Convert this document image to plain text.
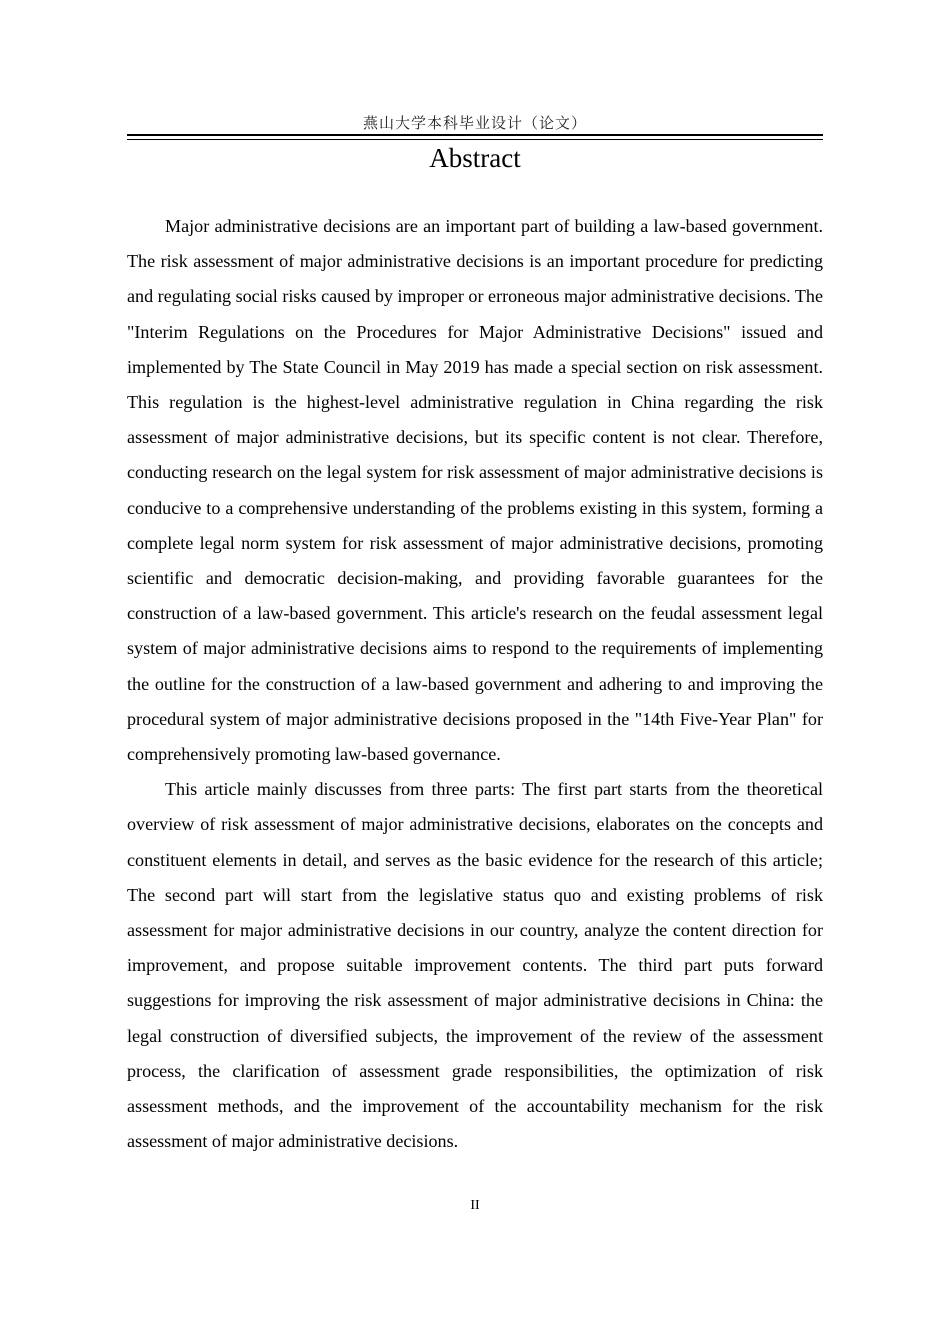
燕山大学本科毕业设计（论文）
Abstract

Major administrative decisions are an important part of building a law-based government. The risk assessment of major administrative decisions is an important procedure for predicting and regulating social risks caused by improper or erroneous major administrative decisions. The "Interim Regulations on the Procedures for Major Administrative Decisions" issued and implemented by The State Council in May 2019 has made a special section on risk assessment. This regulation is the highest-level administrative regulation in China regarding the risk assessment of major administrative decisions, but its specific content is not clear. Therefore, conducting research on the legal system for risk assessment of major administrative decisions is conducive to a comprehensive understanding of the problems existing in this system, forming a complete legal norm system for risk assessment of major administrative decisions, promoting scientific and democratic decision-making, and providing favorable guarantees for the construction of a law-based government. This article's research on the feudal assessment legal system of major administrative decisions aims to respond to the requirements of implementing the outline for the construction of a law-based government and adhering to and improving the procedural system of major administrative decisions proposed in the "14th Five-Year Plan" for comprehensively promoting law-based governance.

This article mainly discusses from three parts: The first part starts from the theoretical overview of risk assessment of major administrative decisions, elaborates on the concepts and constituent elements in detail, and serves as the basic evidence for the research of this article; The second part will start from the legislative status quo and existing problems of risk assessment for major administrative decisions in our country, analyze the content direction for improvement, and propose suitable improvement contents. The third part puts forward suggestions for improving the risk assessment of major administrative decisions in China: the legal construction of diversified subjects, the improvement of the review of the assessment process, the clarification of assessment grade responsibilities, the optimization of risk assessment methods, and the improvement of the accountability mechanism for the risk assessment of major administrative decisions.

II
